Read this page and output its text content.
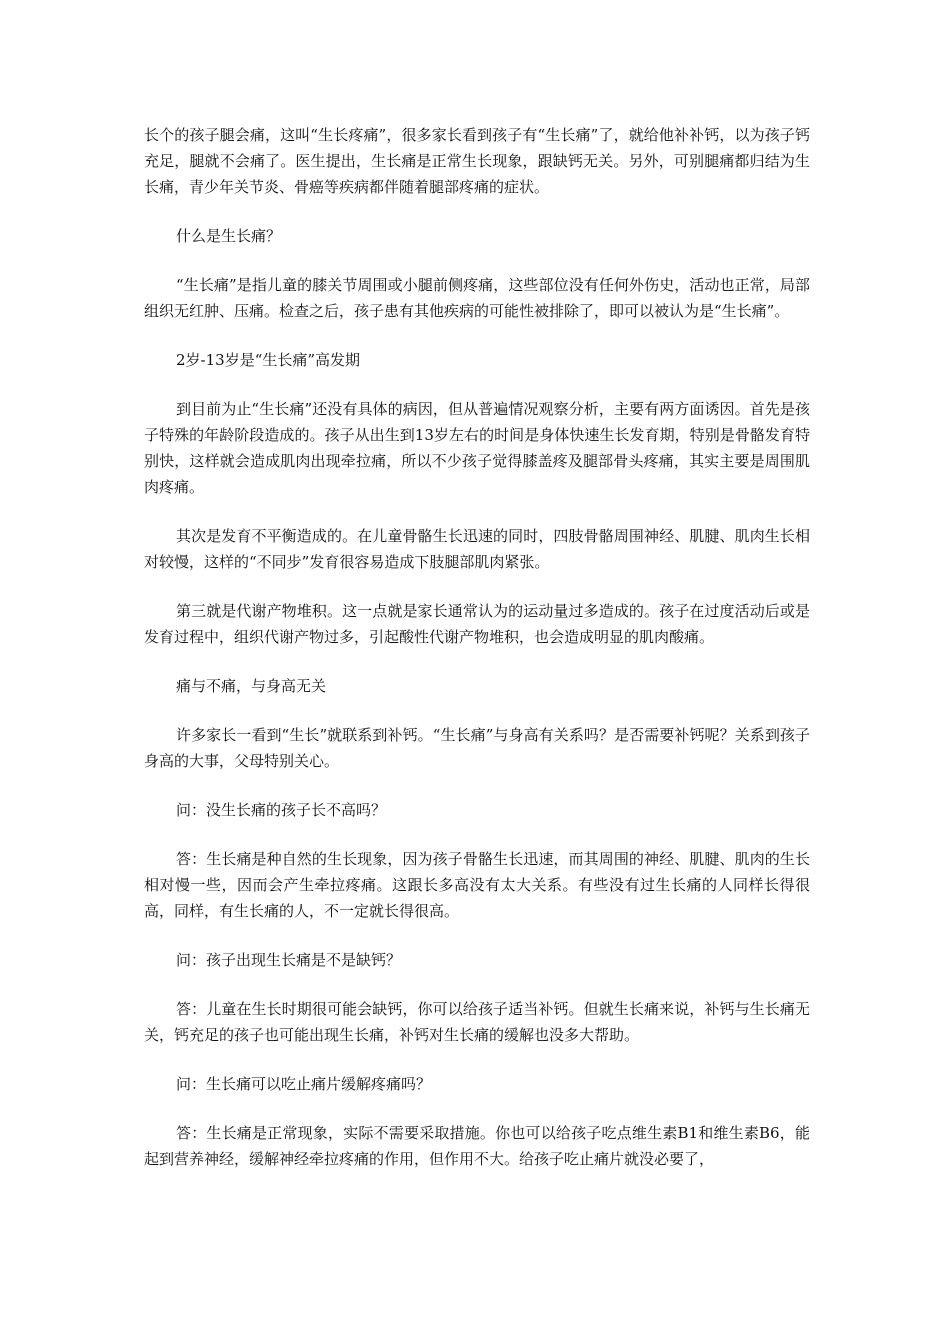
长个的孩子腿会痛，这叫“生长疼痛”，很多家长看到孩子有“生长痛”了，就给他补补钙，以为孩子钙充足，腿就不会痛了。医生提出，生长痛是正常生长现象，跟缺钙无关。另外，可别腿痛都归结为生长痛，青少年关节炎、骨癌等疾病都伴随着腿部疼痛的症状。

什么是生长痛？

“生长痛”是指儿童的膝关节周围或小腿前侧疼痛，这些部位没有任何外伤史，活动也正常，局部组织无红肿、压痛。检查之后，孩子患有其他疾病的可能性被排除了，即可以被认为是“生长痛”。

2岁-13岁是“生长痛”高发期

到目前为止“生长痛”还没有具体的病因，但从普遍情况观察分析，主要有两方面诱因。首先是孩子特殊的年龄阶段造成的。孩子从出生到13岁左右的时间是身体快速生长发育期，特别是骨骼发育特别快，这样就会造成肌肉出现牵拉痛，所以不少孩子觉得膝盖疼及腿部骨头疼痛，其实主要是周围肌肉疼痛。

其次是发育不平衡造成的。在儿童骨骼生长迅速的同时，四肢骨骼周围神经、肌腱、肌肉生长相对较慢，这样的“不同步”发育很容易造成下肢腿部肌肉紧张。

第三就是代谢产物堆积。这一点就是家长通常认为的运动量过多造成的。孩子在过度活动后或是发育过程中，组织代谢产物过多，引起酸性代谢产物堆积，也会造成明显的肌肉酸痛。

痛与不痛，与身高无关

许多家长一看到“生长”就联系到补钙。“生长痛”与身高有关系吗？是否需要补钙呢？关系到孩子身高的大事，父母特别关心。

问：没生长痛的孩子长不高吗？

答：生长痛是种自然的生长现象，因为孩子骨骼生长迅速，而其周围的神经、肌腱、肌肉的生长相对慢一些，因而会产生牵拉疼痛。这跟长多高没有太大关系。有些没有过生长痛的人同样长得很高，同样，有生长痛的人，不一定就长得很高。

问：孩子出现生长痛是不是缺钙？

答：儿童在生长时期很可能会缺钙，你可以给孩子适当补钙。但就生长痛来说，补钙与生长痛无关，钙充足的孩子也可能出现生长痛，补钙对生长痛的缓解也没多大帮助。

问：生长痛可以吃止痛片缓解疼痛吗？

答：生长痛是正常现象，实际不需要采取措施。你也可以给孩子吃点维生素B1和维生素B6，能起到营养神经，缓解神经牵拉疼痛的作用，但作用不大。给孩子吃止痛片就没必要了，
